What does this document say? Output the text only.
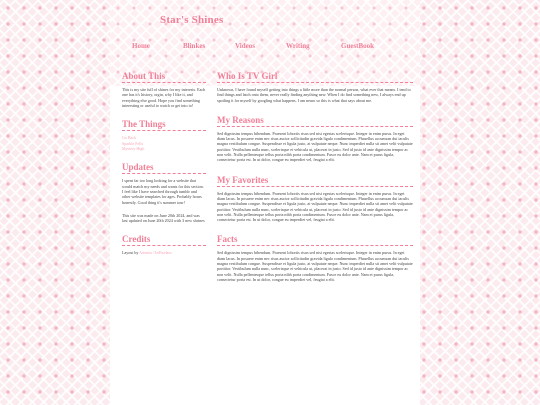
Star's Shines
Home	Blinkes	Videos	Writing	GuestBook
About This

This is my site full of shines for my interests. Each one has it's history, orgin, why I like it, and everything else good. Hope you find something interesting or useful to watch or get into to!

The Things
Go Back
Sparkle Fells
Mystery High
Updates

I spent far too long looking for a website that would match my needs and wants for this section. I feel like I have searched through tumblr and other website templates for ages. Probably hours honestly. Good thing it's summer tour!

This site was made on June 20th 2024, and was last updated on June 20th 2024 with 3 new shrines

Credits
Layout by Artemis / InPixelato
Who Is TV Girl

Unknown, I have found myself getting into things a little more than the normal person, what ever that means. I tend to find things and latch onto them, never really finding anything new. When I do find something new, I always end up spoiling it for myself by googling what happens. I am neuro so this is what that says about me.

My Reasons

Sed dignissim tempus bibendum. Praesent lobortis risus sed nisi egestas scelerisque. Integer in enim purus. In eget diam lacus. In posuere enim nec risus auctor sollicitudin gravida ligula condimentum. Phasellus accumsan dui iaculis magna vestibulum congue. Suspendisse et ligula justo, at vulputate neque. Nunc imperdiet nulla sit amet velit vulputate porttitor. Vestibulum nulla nunc, scelerisque et vehicula ut, placerat in justo. Sed id justo id ante dignissim tempor ac non velit. Nulla pellentesque tellus porta nibh porta condimentum. Fusce eu dolor ante. Nam et purus ligula, consectetur porta est. In ut dolor, congue eu imperdiet vel, feugiat a elit.

My Favorites

Sed dignissim tempus bibendum. Praesent lobortis risus sed nisi egestas scelerisque. Integer in enim purus. In eget diam lacus. In posuere enim nec risus auctor sollicitudin gravida ligula condimentum. Phasellus accumsan dui iaculis magna vestibulum congue. Suspendisse et ligula justo, at vulputate neque. Nunc imperdiet nulla sit amet velit vulputate porttitor. Vestibulum nulla nunc, scelerisque et vehicula ut, placerat in justo. Sed id justo id ante dignissim tempor ac non velit. Nulla pellentesque tellus porta nibh porta condimentum. Fusce eu dolor ante. Nam et purus ligula, consectetur porta est. In ut dolor, congue eu imperdiet vel, feugiat a elit.

Facts

Sed dignissim tempus bibendum. Praesent lobortis risus sed nisi egestas scelerisque. Integer in enim purus. In eget diam lacus. In posuere enim nec risus auctor sollicitudin gravida ligula condimentum. Phasellus accumsan dui iaculis magna vestibulum congue. Suspendisse et ligula justo, at vulputate neque. Nunc imperdiet nulla sit amet velit vulputate porttitor. Vestibulum nulla nunc, scelerisque et vehicula ut, placerat in justo. Sed id justo id ante dignissim tempor ac non velit. Nulla pellentesque tellus porta nibh porta condimentum. Fusce eu dolor ante. Nam et purus ligula, consectetur porta est. In ut dolor, congue eu imperdiet vel, feugiat a elit.
